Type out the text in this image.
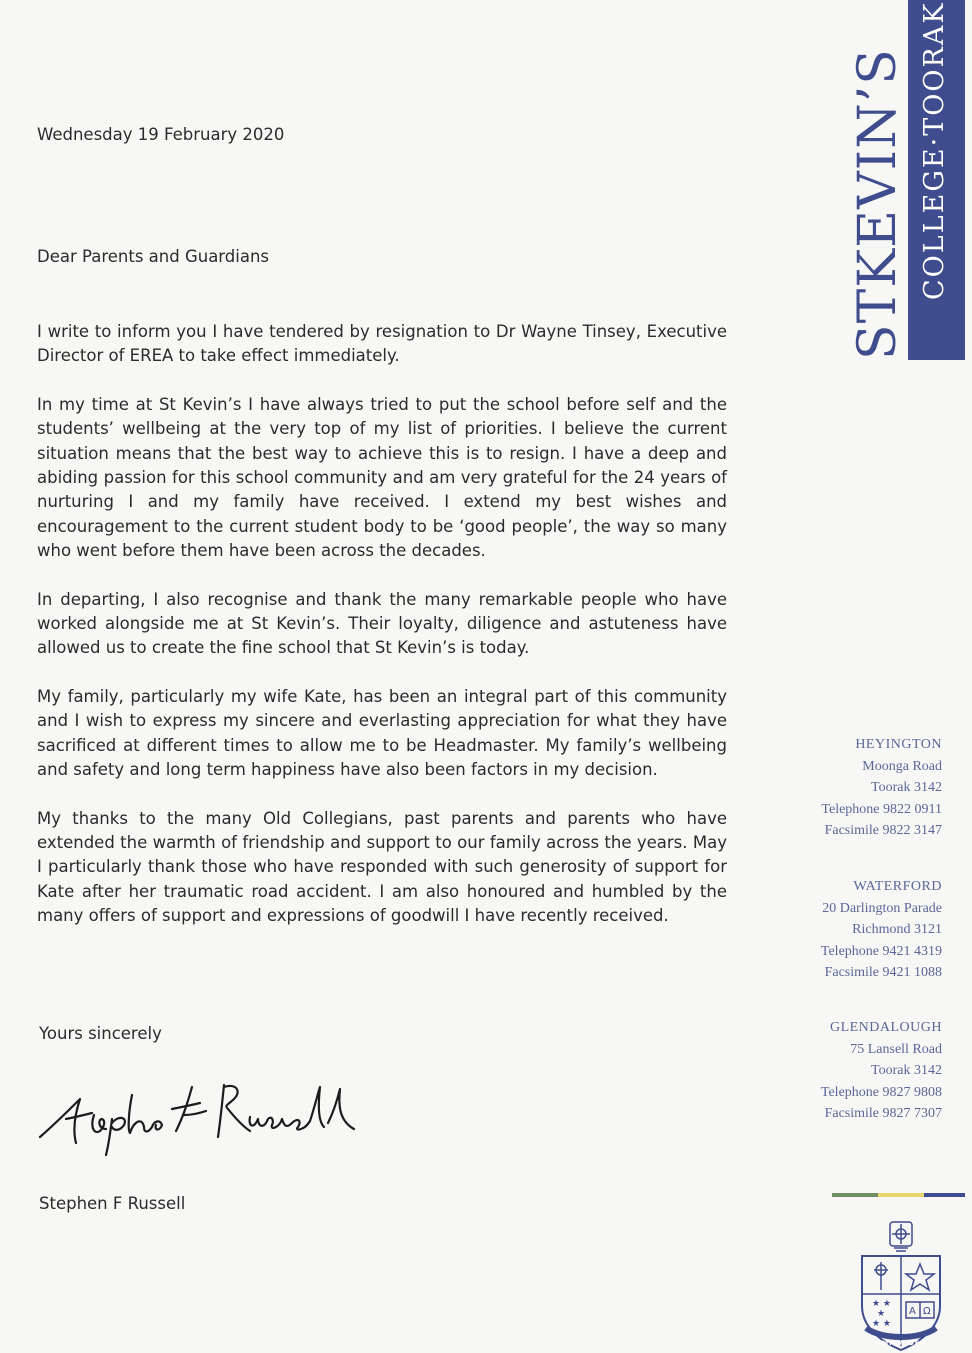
STKEVIN’S COLLEGE·TOORAK
Wednesday 19 February 2020
Dear Parents and Guardians

I write to inform you I have tendered by resignation to Dr Wayne Tinsey, Executive Director of EREA to take effect immediately.

In my time at St Kevin’s I have always tried to put the school before self and the students’ wellbeing at the very top of my list of priorities. I believe the current situation means that the best way to achieve this is to resign. I have a deep and abiding passion for this school community and am very grateful for the 24 years of nurturing I and my family have received. I extend my best wishes and encouragement to the current student body to be ‘good people’, the way so many who went before them have been across the decades.

In departing, I also recognise and thank the many remarkable people who have worked alongside me at St Kevin’s. Their loyalty, diligence and astuteness have allowed us to create the fine school that St Kevin’s is today.

My family, particularly my wife Kate, has been an integral part of this community and I wish to express my sincere and everlasting appreciation for what they have sacrificed at different times to allow me to be Headmaster. My family’s wellbeing and safety and long term happiness have also been factors in my decision.

My thanks to the many Old Collegians, past parents and parents who have extended the warmth of friendship and support to our family across the years. May I particularly thank those who have responded with such generosity of support for Kate after her traumatic road accident. I am also honoured and humbled by the many offers of support and expressions of goodwill I have recently received.

Yours sincerely
Stephen F Russell
HEYINGTON
Moonga Road
Toorak 3142
Telephone 9822 0911
Facsimile 9822 3147
WATERFORD
20 Darlington Parade
Richmond 3121
Telephone 9421 4319
Facsimile 9421 1088
GLENDALOUGH
75 Lansell Road
Toorak 3142
Telephone 9827 9808
Facsimile 9827 7307
★ ★
★
★ ★
A Ω
OMNIA DEO
